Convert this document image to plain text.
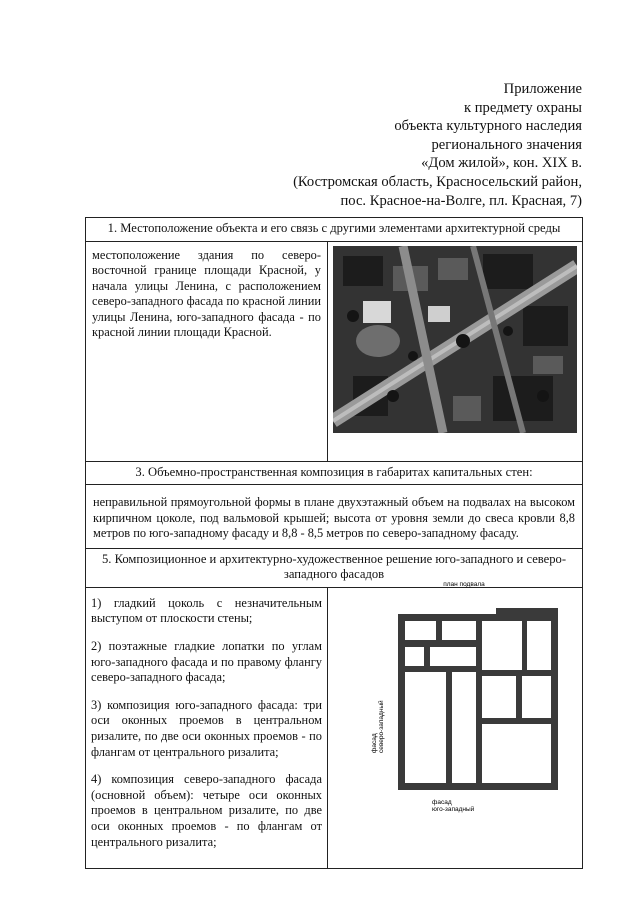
Приложение
к предмету охраны
объекта культурного наследия
регионального значения
«Дом жилой», кон. XIX в.
(Костромская область, Красносельский район,
пос. Красное-на-Волге, пл. Красная, 7)
1. Местоположение объекта и его связь с другими элементами архитектурной среды	

местоположение здания по северо-восточной границе площади Красной, у начала улицы Ленина, с расположением северо-западного фасада по красной линии улицы Ленина, юго-западного фасада - по красной линии площади Красной.	

3. Объемно-пространственная композиция в габаритах капитальных стен:	

неправильной прямоугольной формы в плане двухэтажный объем на подвалах на высоком кирпичном цоколе, под вальмовой крышей; высота от уровня земли до свеса кровли 8,8 метров по юго-западному фасаду и 8,8 - 8,5 метров по северо-западному фасаду.	

5. Композиционное и архитектурно-художественное решение юго-западного и северо-западного фасадов	

1) гладкий цоколь с незначительным выступом от плоскости стены;

2) поэтажные гладкие лопатки по углам юго-западного фасада и по правому флангу северо-западного фасада;

3) композиция юго-западного фасада: три оси оконных проемов в центральном ризалите, по две оси оконных проемов - по флангам от центрального ризалита;

4) композиция северо-западного фасада (основной объем): четыре оси оконных проемов в центральном ризалите, по две оси оконных проемов - по флангам от центрального ризалита;	

план подвала
фасад северо-западный
фасад
юго-западный
